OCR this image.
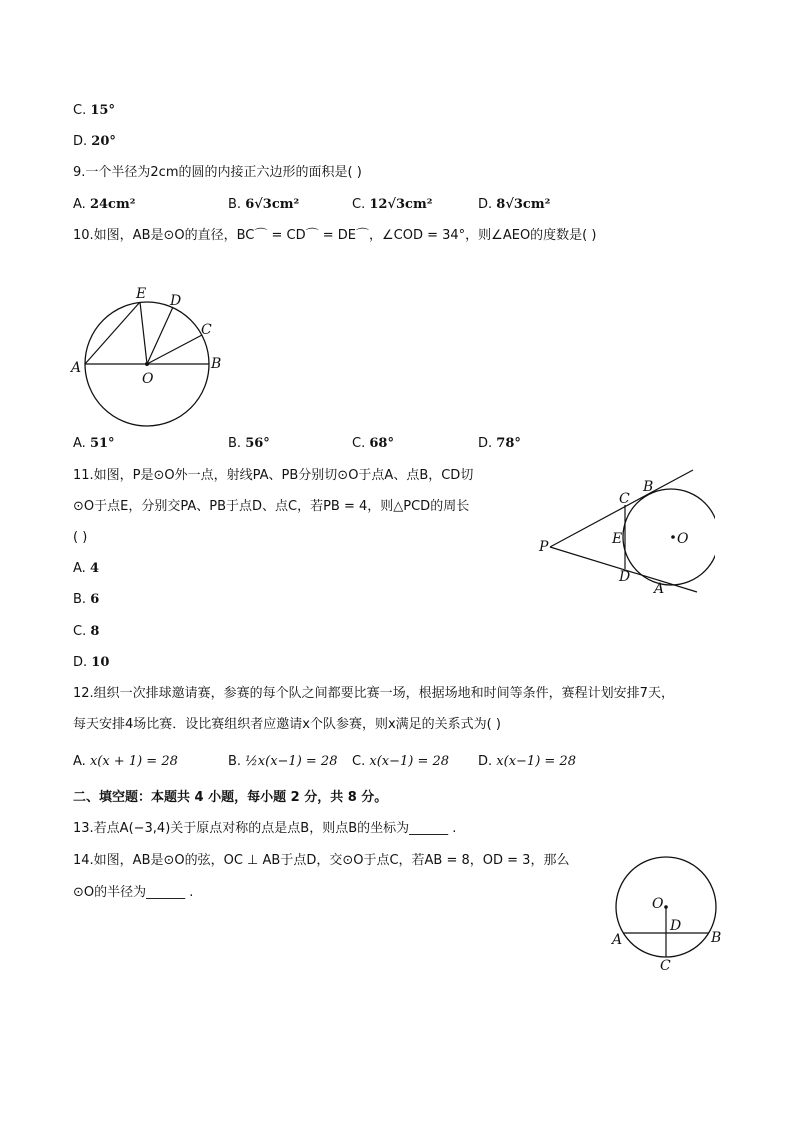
C. 15°
D. 20°
9.一个半径为2cm的圆的内接正六边形的面积是( )
A. 24cm²	B. 6√3cm²	C. 12√3cm²	D. 8√3cm²
10.如图，AB是⊙O的直径，BC⌒ = CD⌒ = DE⌒，∠COD = 34°，则∠AEO的度数是( )
A	B
C
D
E
O
A. 51°	B. 56°	C. 68°	D. 78°
11.如图，P是⊙O外一点，射线PA、PB分别切⊙O于点A、点B，CD切
⊙O于点E，分别交PA、PB于点D、点C，若PB = 4，则△PCD的周长
( )
P
B
C
E	O
D
A
A. 4
B. 6
C. 8
D. 10
12.组织一次排球邀请赛，参赛的每个队之间都要比赛一场，根据场地和时间等条件，赛程计划安排7天，
每天安排4场比赛．设比赛组织者应邀请x个队参赛，则x满足的关系式为( )
A. x(x + 1) = 28	B. ½x(x−1) = 28 C. x(x−1) = 28 D. x(x−1) = 28
二、填空题：本题共 4 小题，每小题 2 分，共 8 分。
13.若点A(−3,4)关于原点对称的点是点B，则点B的坐标为______ .
14.如图，AB是⊙O的弦，OC ⊥ AB于点D，交⊙O于点C，若AB = 8，OD = 3，那么
⊙O的半径为______ .
O
D
A	B
C
